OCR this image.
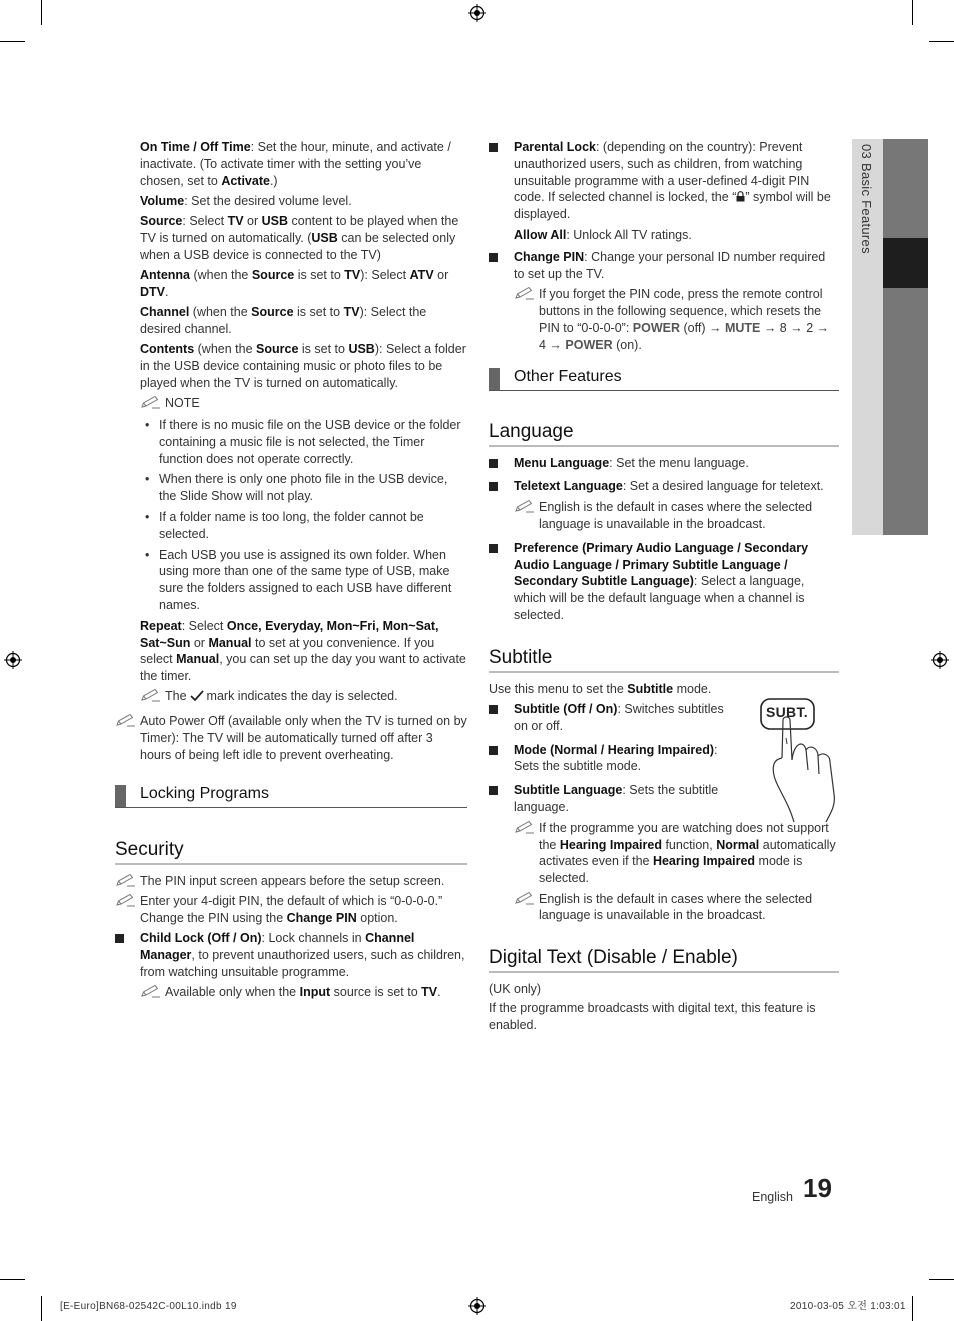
03 Basic Features

On Time / Off Time: Set the hour, minute, and activate / inactivate. (To activate timer with the setting you’ve chosen, set to Activate.)

Volume: Set the desired volume level.

Source: Select TV or USB content to be played when the TV is turned on automatically. (USB can be selected only when a USB device is connected to the TV)

Antenna (when the Source is set to TV): Select ATV or DTV.

Channel (when the Source is set to TV): Select the desired channel.

Contents (when the Source is set to USB): Select a folder in the USB device containing music or photo files to be played when the TV is turned on automatically.

NOTE

• If there is no music file on the USB device or the folder containing a music file is not selected, the Timer function does not operate correctly.

• When there is only one photo file in the USB device, the Slide Show will not play.

• If a folder name is too long, the folder cannot be selected.

• Each USB you use is assigned its own folder. When using more than one of the same type of USB, make sure the folders assigned to each USB have different names.

Repeat: Select Once, Everyday, Mon~Fri, Mon~Sat, Sat~Sun or Manual to set at you convenience. If you select Manual, you can set up the day you want to activate the timer.

The mark indicates the day is selected.
Auto Power Off (available only when the TV is turned on by Timer): The TV will be automatically turned off after 3 hours of being left idle to prevent overheating.
Locking Programs
Security
The PIN input screen appears before the setup screen.
Enter your 4-digit PIN, the default of which is “0-0-0-0.” Change the PIN using the Change PIN option.

Child Lock (Off / On): Lock channels in Channel Manager, to prevent unauthorized users, such as children, from watching unsuitable programme.

Available only when the Input source is set to TV.

Parental Lock: (depending on the country): Prevent unauthorized users, such as children, from watching unsuitable programme with a user-defined 4-digit PIN code. If selected channel is locked, the “ ” symbol will be displayed.

Allow All: Unlock All TV ratings.

Change PIN: Change your personal ID number required to set up the TV.

If you forget the PIN code, press the remote control buttons in the following sequence, which resets the PIN to “0-0-0-0”: POWER (off) → MUTE → 8 → 2 → 4 → POWER (on).
Other Features
Language

Menu Language: Set the menu language.

Teletext Language: Set a desired language for teletext.

English is the default in cases where the selected language is unavailable in the broadcast.

Preference (Primary Audio Language / Secondary Audio Language / Primary Subtitle Language / Secondary Subtitle Language): Select a language, which will be the default language when a channel is selected.

Subtitle

Use this menu to set the Subtitle mode.

Subtitle (Off / On): Switches subtitles on or off.

Mode (Normal / Hearing Impaired): Sets the subtitle mode.

Subtitle Language: Sets the subtitle language.

If the programme you are watching does not support the Hearing Impaired function, Normal automatically activates even if the Hearing Impaired mode is selected.
English is the default in cases where the selected language is unavailable in the broadcast.
Digital Text (Disable / Enable)

(UK only)

If the programme broadcasts with digital text, this feature is enabled.

SUBT.
English 19
[E-Euro]BN68-02542C-00L10.indb 19	2010-03-05 오전 1:03:01
